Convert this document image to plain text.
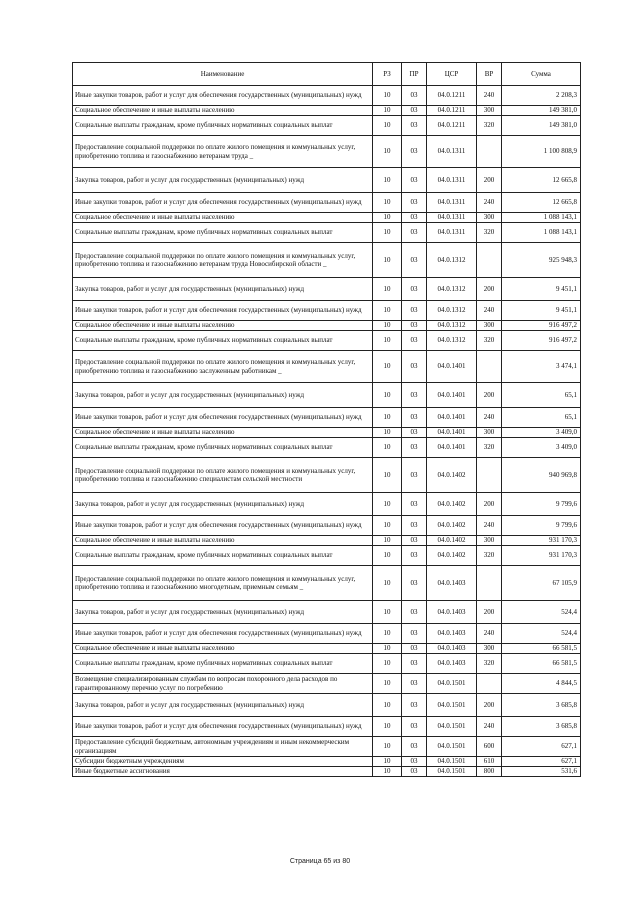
Наименование	РЗ	ПР	ЦСР	ВР	Сумма
Иные закупки товаров, работ и услуг для обеспечения государственных (муниципальных) нужд	10	03	04.0.1211	240	2 208,3
Социальное обеспечение и иные выплаты населению	10	03	04.0.1211	300	149 381,0
Социальные выплаты гражданам, кроме публичных нормативных социальных выплат	10	03	04.0.1211	320	149 381,0
Предоставление социальной поддержки по оплате жилого помещения и коммунальных услуг, приобретению топлива и газоснабжению ветеранам труда _	10	03	04.0.1311		1 100 808,9
Закупка товаров, работ и услуг для государственных (муниципальных) нужд	10	03	04.0.1311	200	12 665,8
Иные закупки товаров, работ и услуг для обеспечения государственных (муниципальных) нужд	10	03	04.0.1311	240	12 665,8
Социальное обеспечение и иные выплаты населению	10	03	04.0.1311	300	1 088 143,1
Социальные выплаты гражданам, кроме публичных нормативных социальных выплат	10	03	04.0.1311	320	1 088 143,1
Предоставление социальной поддержки по оплате жилого помещения и коммунальных услуг, приобретению топлива и газоснабжению ветеранам труда Новосибирской области _	10	03	04.0.1312		925 948,3
Закупка товаров, работ и услуг для государственных (муниципальных) нужд	10	03	04.0.1312	200	9 451,1
Иные закупки товаров, работ и услуг для обеспечения государственных (муниципальных) нужд	10	03	04.0.1312	240	9 451,1
Социальное обеспечение и иные выплаты населению	10	03	04.0.1312	300	916 497,2
Социальные выплаты гражданам, кроме публичных нормативных социальных выплат	10	03	04.0.1312	320	916 497,2
Предоставление социальной поддержки по оплате жилого помещения и коммунальных услуг, приобретению топлива и газоснабжению заслуженным работникам _	10	03	04.0.1401		3 474,1
Закупка товаров, работ и услуг для государственных (муниципальных) нужд	10	03	04.0.1401	200	65,1
Иные закупки товаров, работ и услуг для обеспечения государственных (муниципальных) нужд	10	03	04.0.1401	240	65,1
Социальное обеспечение и иные выплаты населению	10	03	04.0.1401	300	3 409,0
Социальные выплаты гражданам, кроме публичных нормативных социальных выплат	10	03	04.0.1401	320	3 409,0
Предоставление социальной поддержки по оплате жилого помещения и коммунальных услуг, приобретению топлива и газоснабжению специалистам сельской местности	10	03	04.0.1402		940 969,8
Закупка товаров, работ и услуг для государственных (муниципальных) нужд	10	03	04.0.1402	200	9 799,6
Иные закупки товаров, работ и услуг для обеспечения государственных (муниципальных) нужд	10	03	04.0.1402	240	9 799,6
Социальное обеспечение и иные выплаты населению	10	03	04.0.1402	300	931 170,3
Социальные выплаты гражданам, кроме публичных нормативных социальных выплат	10	03	04.0.1402	320	931 170,3
Предоставление социальной поддержки по оплате жилого помещения и коммунальных услуг, приобретению топлива и газоснабжению многодетным, приемным семьям _	10	03	04.0.1403		67 105,9
Закупка товаров, работ и услуг для государственных (муниципальных) нужд	10	03	04.0.1403	200	524,4
Иные закупки товаров, работ и услуг для обеспечения государственных (муниципальных) нужд	10	03	04.0.1403	240	524,4
Социальное обеспечение и иные выплаты населению	10	03	04.0.1403	300	66 581,5
Социальные выплаты гражданам, кроме публичных нормативных социальных выплат	10	03	04.0.1403	320	66 581,5
Возмещение специализированным службам по вопросам похоронного дела расходов по гарантированному перечню услуг по погребению	10	03	04.0.1501		4 844,5
Закупка товаров, работ и услуг для государственных (муниципальных) нужд	10	03	04.0.1501	200	3 685,8
Иные закупки товаров, работ и услуг для обеспечения государственных (муниципальных) нужд	10	03	04.0.1501	240	3 685,8
Предоставление субсидий бюджетным, автономным учреждениям и иным некоммерческим организациям	10	03	04.0.1501	600	627,1
Субсидии бюджетным учреждениям	10	03	04.0.1501	610	627,1
Иные бюджетные ассигнования	10	03	04.0.1501	800	531,6
Страница 65 из 80
